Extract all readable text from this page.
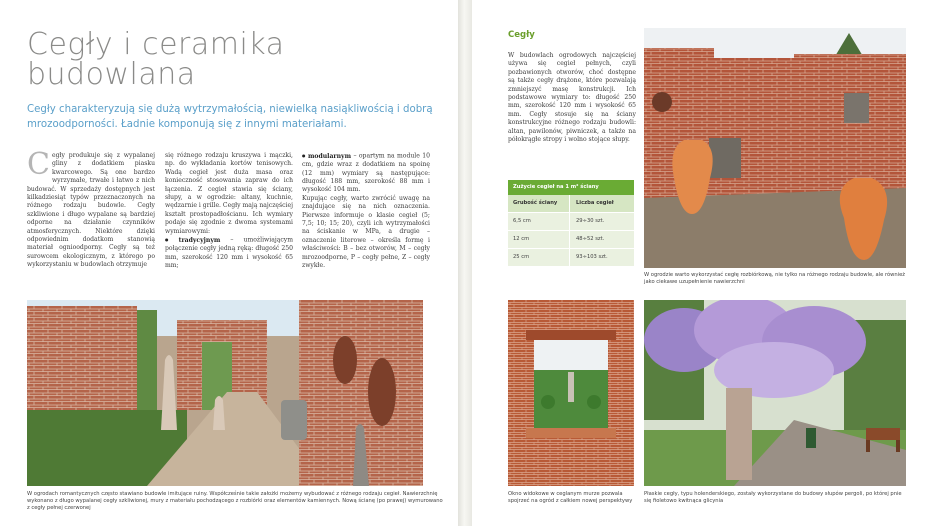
Cegły i ceramika
budowlana

Cegły charakteryzują się dużą wytrzymałością, niewielką nasiąkliwością i dobrą mrozoodporności. Ładnie komponują się z innymi materiałami.

Cegły produkuje się z wypalanej gliny z dodatkiem piasku kwarcowego. Są one bardzo wyrzymałe, trwałe i łatwo z nich budować. W sprzedaży dostępnych jest kilkadziesiąt typów przeznaczonych na różnego rodzaju budowle. Cegły szkliwione i długo wypalane są bardziej odporne na działanie czynników atmosferycznych. Niektóre dzięki odpowiednim dodatkom stanowią materiał ognioodporny. Cegły są też surowcem ekologicznym, z którego po wykorzystaniu w budowlach otrzymuje

się różnego rodzaju kruszywa i mączki, np. do wykładania kortów tenisowych. Wadą cegieł jest duża masa oraz konieczność stosowania zapraw do ich łączenia. Z cegieł stawia się ściany, słupy, a w ogrodzie: altany, kuchnie, wędzarnie i grille. Cegły mają najczęściej kształt prostopadłościanu. Ich wymiary podaje się zgodnie z dwoma systemami wymiarowymi:
● tradycyjnym – umożliwiającym połączenie cegły jedną ręką: długość 250 mm, szerokość 120 mm i wysokość 65 mm;

● modularnym – opartym na module 10 cm, gdzie wraz z dodatkiem na spoinę (12 mm) wymiary są następujące: długość 188 mm, szerokość 88 mm i wysokość 104 mm.

Kupując cegły, warto zwrócić uwagę na znajdujące się na nich oznaczenia. Pierwsze informuje o klasie cegieł (5; 7,5; 10; 15; 20), czyli ich wytrzymałości na ściskanie w MPa, a drugie – oznaczenie literowe – określa formę i właściwości: B – bez otworów, M – cegły mrozoodporne, P – cegły pełne, Z – cegły zwykłe.

W ogrodach romantycznych często stawiano budowle imitujące ruiny. Współcześnie takie założki możemy wybudować z różnego rodzaju cegieł. Nawierzchnię wykonano z długo wypalanej cegły szkliwionej, mury z materiału pochodzącego z rozbiórki oraz elementów kamiennych. Nową ścianę (po prawej) wymurowano z cegły pełnej czerwonej
Cegły

W budowlach ogrodowych najczęściej używa się cegieł pełnych, czyli pozbawionych otworów, choć dostępne są także cegły drążone, które pozwalają zmniejszyć masę konstrukcji. Ich podstawowe wymiary to: długość 250 mm, szerokość 120 mm i wysokość 65 mm. Cegły stosuje się na ściany konstrukcyjne różnego rodzaju budowli: altan, pawilonów, piwniczek, a także na półokrągłe stropy i wolno stojące słupy.

Zużycie cegieł na 1 m² ściany
Grubość ściany	Liczba cegieł
6,5 cm	29÷30 szt.
12 cm	48÷52 szt.
25 cm	93÷103 szt.
W ogrodzie warto wykorzystać cegłę rozbiórkową, nie tylko na różnego rodzaju budowle, ale również jako ciekawe uzupełnienie nawierzchni
Okno widokowe w ceglanym murze pozwala spojrzeć na ogród z całkiem nowej perspektywy
Płaskie cegły, typu holenderskiego, zostały wykorzystane do budowy słupów pergoli, po której pnie się fioletowo kwitnąca glicynia
